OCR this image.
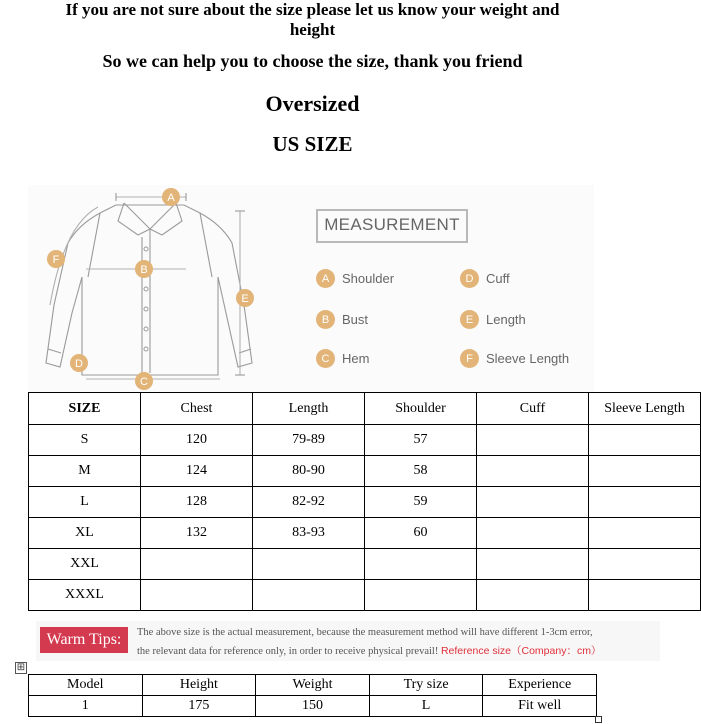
If you are not sure about the size please let us know your weight and
height
So we can help you to choose the size, thank you friend
Oversized
US SIZE
A
B
C
D
E
F
MEASUREMENT
A Shoulder	D Cuff
B Bust	E Length
C Hem	F	Sleeve Length
SIZE	Chest	Length	Shoulder	Cuff	Sleeve Length
S	120	79-89	57		
M	124	80-90	58		
L	128	82-92	59		
XL	132	83-93	60		
XXL					
XXXL					
Warm Tips:	The above size is the actual measurement, because the measurement method will have different 1-3cm error,
the relevant data for reference only, in order to receive physical prevail! Reference size（Company：cm）
⊞
Model	Height	Weight	Try size	Experience
1	175	150	L	Fit well
